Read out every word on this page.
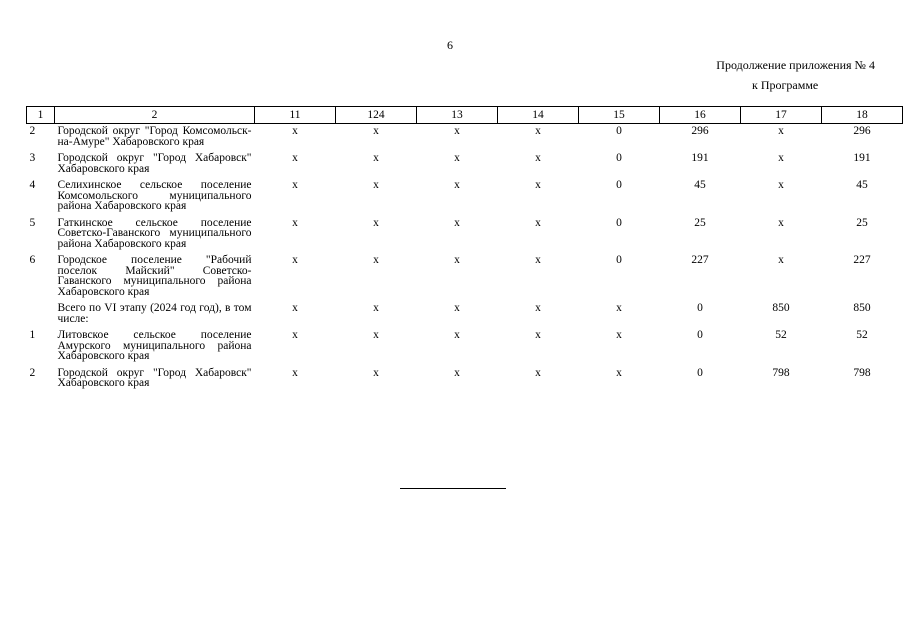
6
Продолжение приложения № 4
к Программе
1	2	11	124	13	14	15	16	17	18
2	Городской округ "Город Комсомольск-на-Амуре" Хабаровского края	x	x	x	x	0	296	x	296
3	Городской округ "Город Хабаровск" Хабаровского края	x	x	x	x	0	191	x	191
4	Селихинское сельское поселение Комсомольского муниципального района Хабаровского края	x	x	x	x	0	45	x	45
5	Гаткинское сельское поселение Советско-Гаванского муниципального района Хабаровского края	x	x	x	x	0	25	x	25
6	Городское поселение "Рабочий поселок Майский" Советско-Гаванского муниципального района Хабаровского края	x	x	x	x	0	227	x	227
	Всего по VI этапу (2024 год год), в том числе:	x	x	x	x	x	0	850	850
1	Литовское сельское поселение Амурского муниципального района Хабаровского края	x	x	x	x	x	0	52	52
2	Городской округ "Город Хабаровск" Хабаровского края	x	x	x	x	x	0	798	798
